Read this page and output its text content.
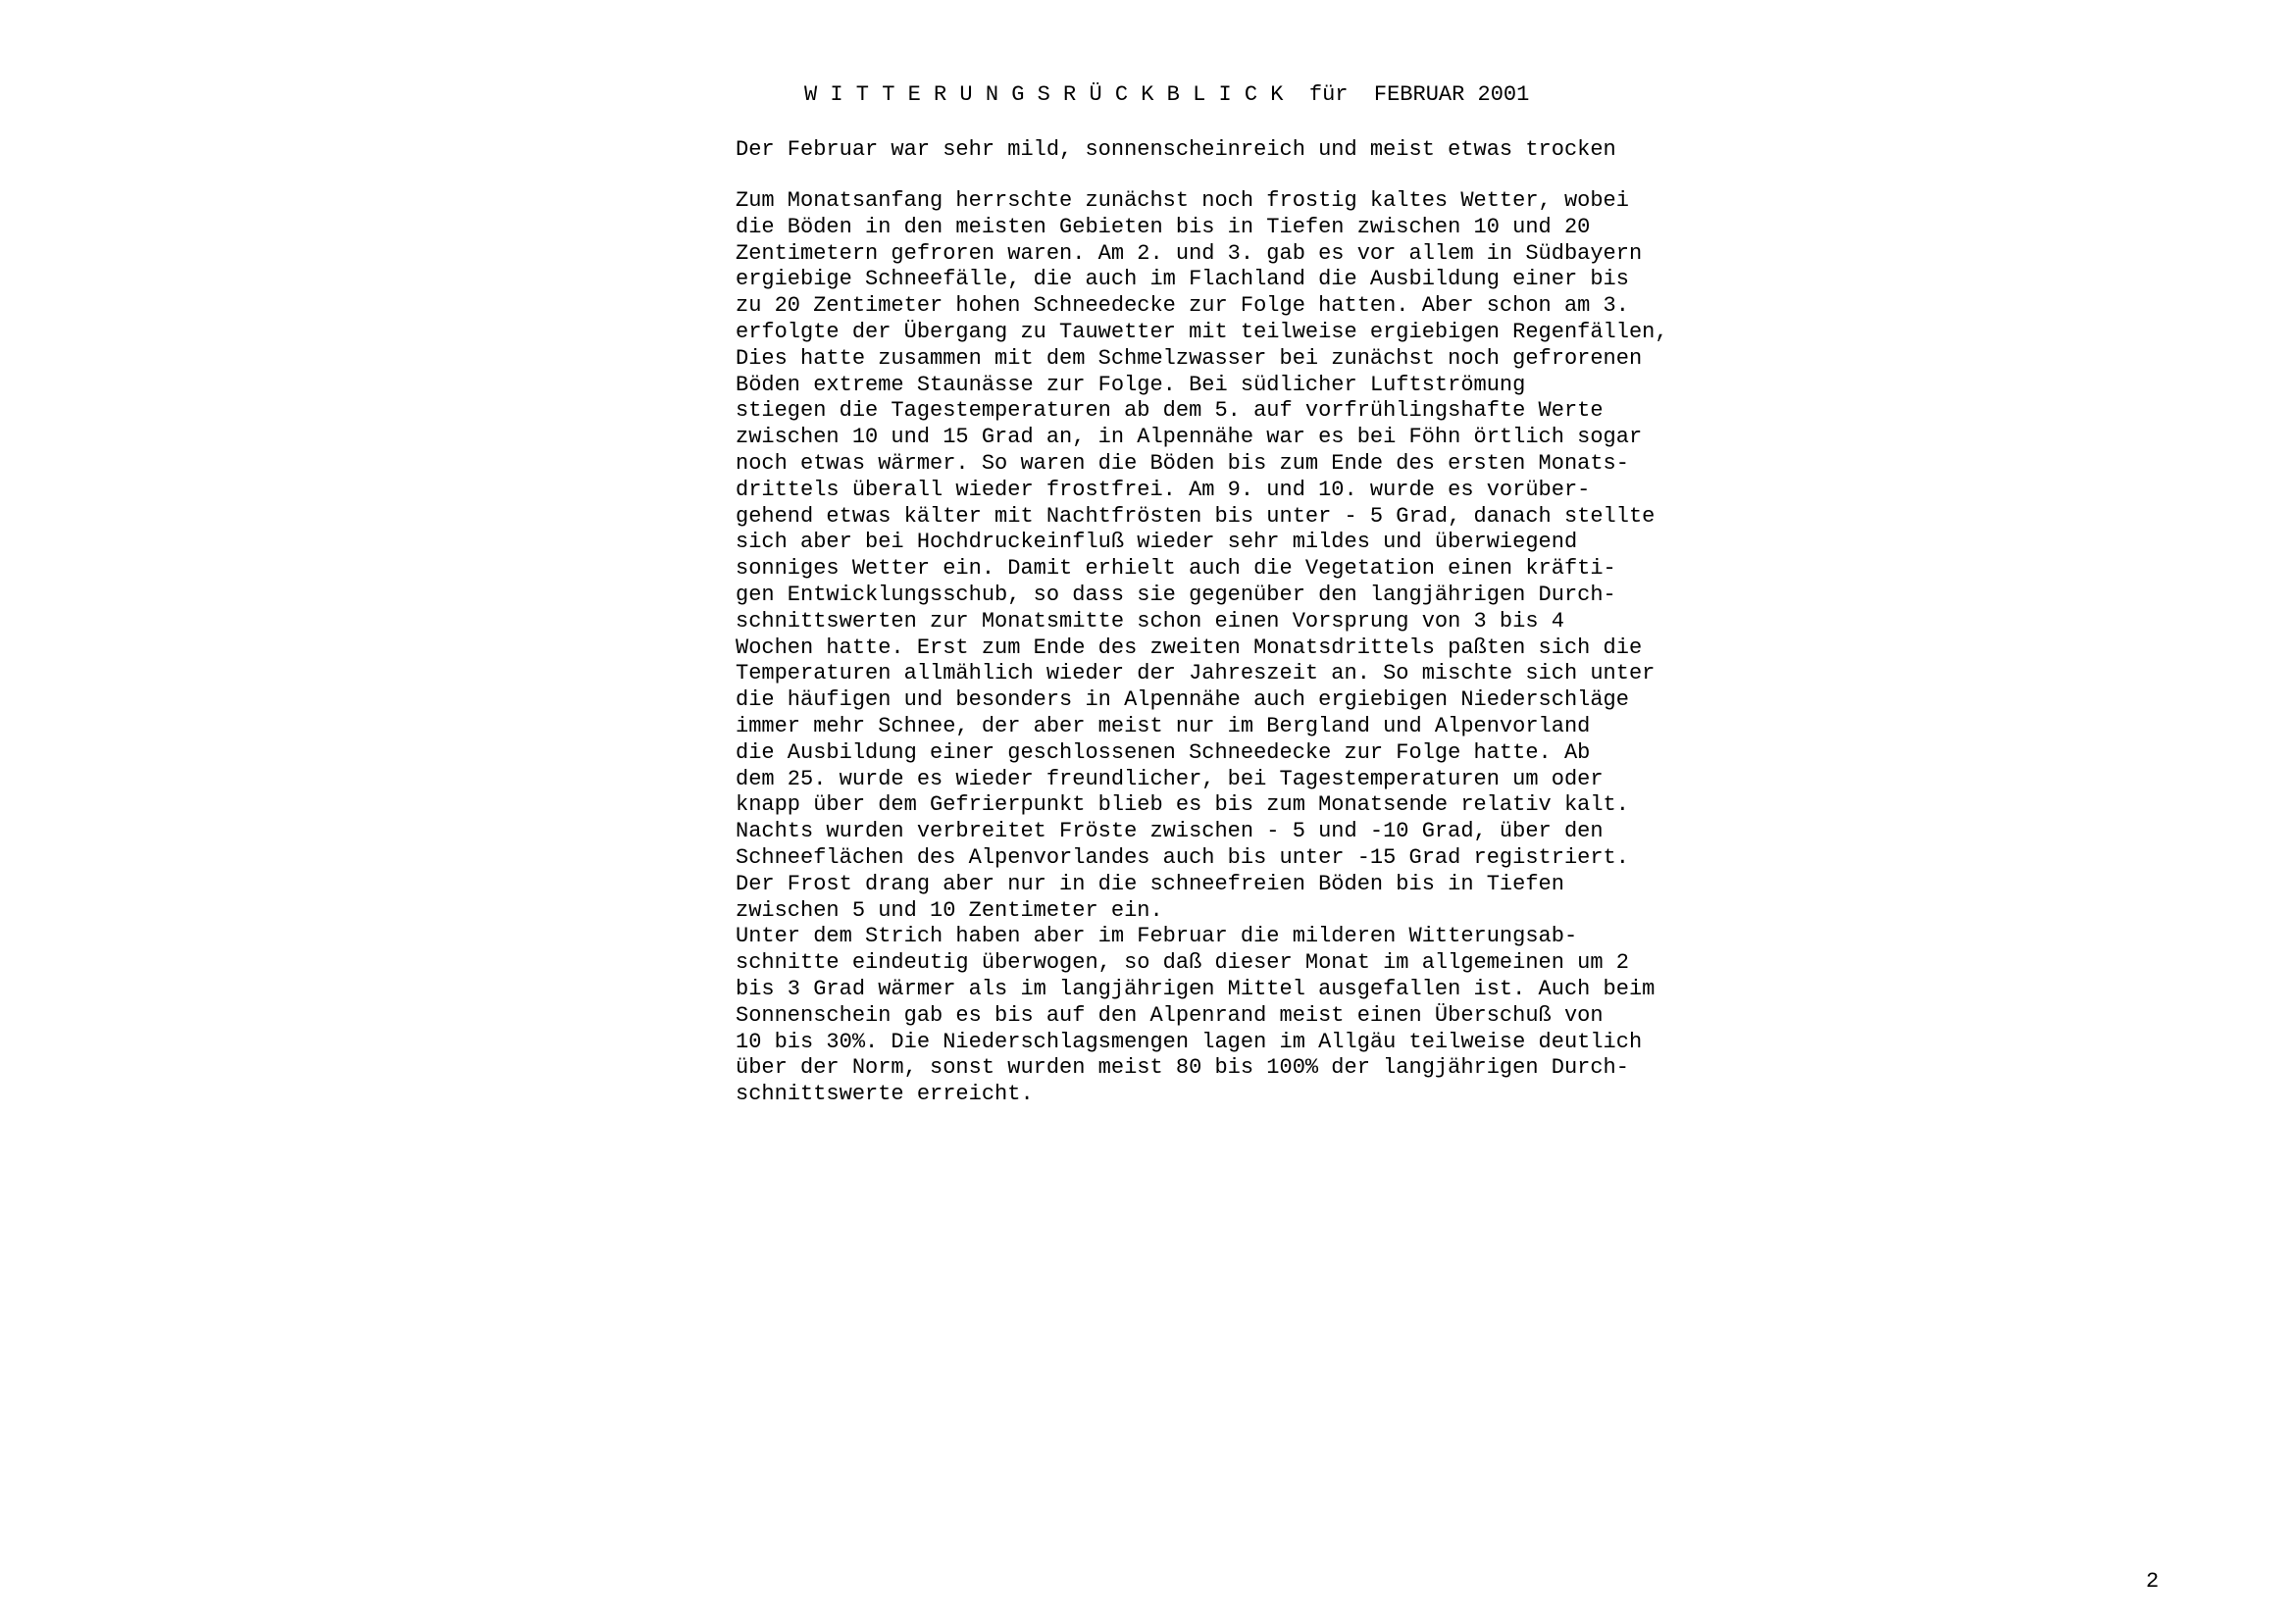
W I T T E R U N G S R Ü C K B L I C K  für  FEBRUAR 2001
Der Februar war sehr mild, sonnenscheinreich und meist etwas trocken
Zum Monatsanfang herrschte zunächst noch frostig kaltes Wetter, wobei
die Böden in den meisten Gebieten bis in Tiefen zwischen 10 und 20
Zentimetern gefroren waren. Am 2. und 3. gab es vor allem in Südbayern
ergiebige Schneefälle, die auch im Flachland die Ausbildung einer bis
zu 20 Zentimeter hohen Schneedecke zur Folge hatten. Aber schon am 3.
erfolgte der Übergang zu Tauwetter mit teilweise ergiebigen Regenfällen,
Dies hatte zusammen mit dem Schmelzwasser bei zunächst noch gefrorenen
Böden extreme Staunässe zur Folge. Bei südlicher Luftströmung
stiegen die Tagestemperaturen ab dem 5. auf vorfrühlingshafte Werte
zwischen 10 und 15 Grad an, in Alpennähe war es bei Föhn örtlich sogar
noch etwas wärmer. So waren die Böden bis zum Ende des ersten Monats-
drittels überall wieder frostfrei. Am 9. und 10. wurde es vorüber-
gehend etwas kälter mit Nachtfrösten bis unter - 5 Grad, danach stellte
sich aber bei Hochdruckeinfluß wieder sehr mildes und überwiegend
sonniges Wetter ein. Damit erhielt auch die Vegetation einen kräfti-
gen Entwicklungsschub, so dass sie gegenüber den langjährigen Durch-
schnittswerten zur Monatsmitte schon einen Vorsprung von 3 bis 4
Wochen hatte. Erst zum Ende des zweiten Monatsdrittels paßten sich die
Temperaturen allmählich wieder der Jahreszeit an. So mischte sich unter
die häufigen und besonders in Alpennähe auch ergiebigen Niederschläge
immer mehr Schnee, der aber meist nur im Bergland und Alpenvorland
die Ausbildung einer geschlossenen Schneedecke zur Folge hatte. Ab
dem 25. wurde es wieder freundlicher, bei Tagestemperaturen um oder
knapp über dem Gefrierpunkt blieb es bis zum Monatsende relativ kalt.
Nachts wurden verbreitet Fröste zwischen - 5 und -10 Grad, über den
Schneeflächen des Alpenvorlandes auch bis unter -15 Grad registriert.
Der Frost drang aber nur in die schneefreien Böden bis in Tiefen
zwischen 5 und 10 Zentimeter ein.
Unter dem Strich haben aber im Februar die milderen Witterungsab-
schnitte eindeutig überwogen, so daß dieser Monat im allgemeinen um 2
bis 3 Grad wärmer als im langjährigen Mittel ausgefallen ist. Auch beim
Sonnenschein gab es bis auf den Alpenrand meist einen Überschuß von
10 bis 30%. Die Niederschlagsmengen lagen im Allgäu teilweise deutlich
über der Norm, sonst wurden meist 80 bis 100% der langjährigen Durch-
schnittswerte erreicht.
2
